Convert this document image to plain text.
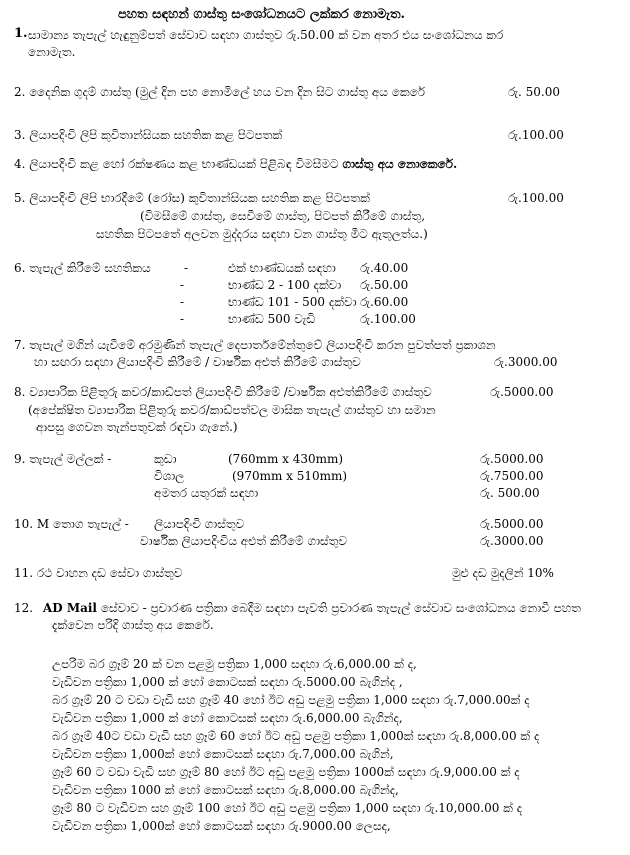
පහත සඳහන් ගාස්තු සංශෝධනයට ලක්කර නොමැත.
1. සාමාන්‍ය තැපැල් හැඳුනුම්පත් සේවාව සඳහා ගාස්තුව රු.50.00 ක් වන අතර එය සංශෝධනය කර
නොමැත.
2. දෛනික ගුදම් ගාස්තු (මුල් දින පහ නොමිලේ හය වන දින සිට ගාස්තු අය කෙරේ	රු. 50.00
3. ලියාපදිංචි ලිපි කුවිතාන්සියක සහතික කළ පිටපතක්	රු.100.00
4. ලියාපදිංචි කළ හෝ රක්ෂණය කළ භාණ්ඩයක් පිළිබඳ විමසීමට ගාස්තු අය නොකෙරේ.
5. ලියාපදිංචි ලිපි භාරදීමේ (රෝස) කුවිතාන්සියක සහතික කළ පිටපතක්	රු.100.00
(විමසීමේ ගාස්තු, සෙවීමේ ගාස්තු, පිටපත් කිරීමේ ගාස්තු,
සහතික පිටපතේ අලවන මුද්දරය සඳහා වන ගාස්තු මීට ඇතුලත්ය.)
6. තැපැල් කිරීමේ සහතිකය	-	එක් භාණ්ඩයක් සඳහා රු.40.00
-	භාණ්ඩ 2 - 100 දක්වා රු.50.00
-	භාණ්ඩ 101 - 500 දක්වා රු.60.00
-	භාණ්ඩ 500 වැඩි	රු.100.00
7. තැපැල් මගින් යැවීමේ අරමුණින් තැපැල් දෙපාර්තමේන්තුවේ ලියාපදිංචි කරන පුවත්පත් ප්‍රකාශන
හා සඟරා සඳහා ලියාපදිංචි කිරීමේ / වාර්ෂික අළුත් කිරීමේ ගාස්තුව	රු.3000.00
8. ව්‍යාපාරික පිළිතුරු කවර/කාඩ්පත් ලියාපදිංචි කිරීමේ /වාර්ෂික අළුත්කිරීමේ ගාස්තුව	රු.5000.00
(අපේක්ෂිත ව්‍යාපාරික පිළිතුරු කවර/කාඩ්පත්වල මාසික තැපැල් ගාස්තුව හා සමාන
ආපසු ගෙවන තැන්පතුවක් රඳවා ගැනේ.)
9. තැපැල් මල්ලක් -	කුඩා	(760mm x 430mm)	රු.5000.00
විශාල	(970mm x 510mm)	රු.7500.00
අමතර යතුරක් සඳහා	රු. 500.00
10. M තොග තැපැල් - ලියාපදිංචි ගාස්තුව	රු.5000.00
වාර්ෂික ලියාපදිංචිය අළුත් කිරීමේ ගාස්තුව	රු.3000.00
11. රථ වාහන දඩ සේවා ගාස්තුව	මුළු දඩ මුදලින් 10%
12. AD Mail සේවාව - ප්‍රචාරණ පත්‍රිකා බෙදීම සඳහා පැවති ප්‍රචාරණ තැපැල් සේවාව සංශෝධනය නොවී පහත
දැක්වෙන පරිදි ගාස්තු අය කෙරේ.
උපරිම බර ග්‍රෑම් 20 ක් වන පළමු පත්‍රිකා 1,000 සඳහා රු.6,000.00 ක් ද,
වැඩිවන පත්‍රිකා 1,000 ක් හෝ කොටසක් සඳහා රු.5000.00 බැගින්ද ,
බර ග්‍රෑම් 20 ට වඩා වැඩි සහ ග්‍රෑම් 40 හෝ ඊට අඩු පළමු පත්‍රිකා 1,000 සඳහා රු.7,000.00ක් ද
වැඩිවන පත්‍රිකා 1,000 ක් හෝ කොටසක් සඳහා රු.6,000.00 බැගින්ද,
බර ග්‍රෑම් 40ට වඩා වැඩි සහ ග්‍රෑම් 60 හෝ ඊට අඩු පළමු පත්‍රිකා 1,000ක් සඳහා රු.8,000.00 ක් ද
වැඩිවන පත්‍රිකා 1,000ක් හෝ කොටසක් සඳහා රු.7,000.00 බැගින්,
ග්‍රෑම් 60 ට වඩා වැඩි සහ ග්‍රෑම් 80 හෝ ඊට අඩු පළමු පත්‍රිකා 1000ක් සඳහා රු.9,000.00 ක් ද
වැඩිවන පත්‍රිකා 1000 ක් හෝ කොටසක් සඳහා රු.8,000.00 බැගින්ද,
ග්‍රෑම් 80 ට වැඩිවන සහ ග්‍රෑම් 100 හෝ ඊට අඩු පළමු පත්‍රිකා 1,000 සඳහා රු.10,000.00 ක් ද
වැඩිවන පත්‍රිකා 1,000ක් හෝ කොටසක් සඳහා රු.9000.00 ලෙසද,
